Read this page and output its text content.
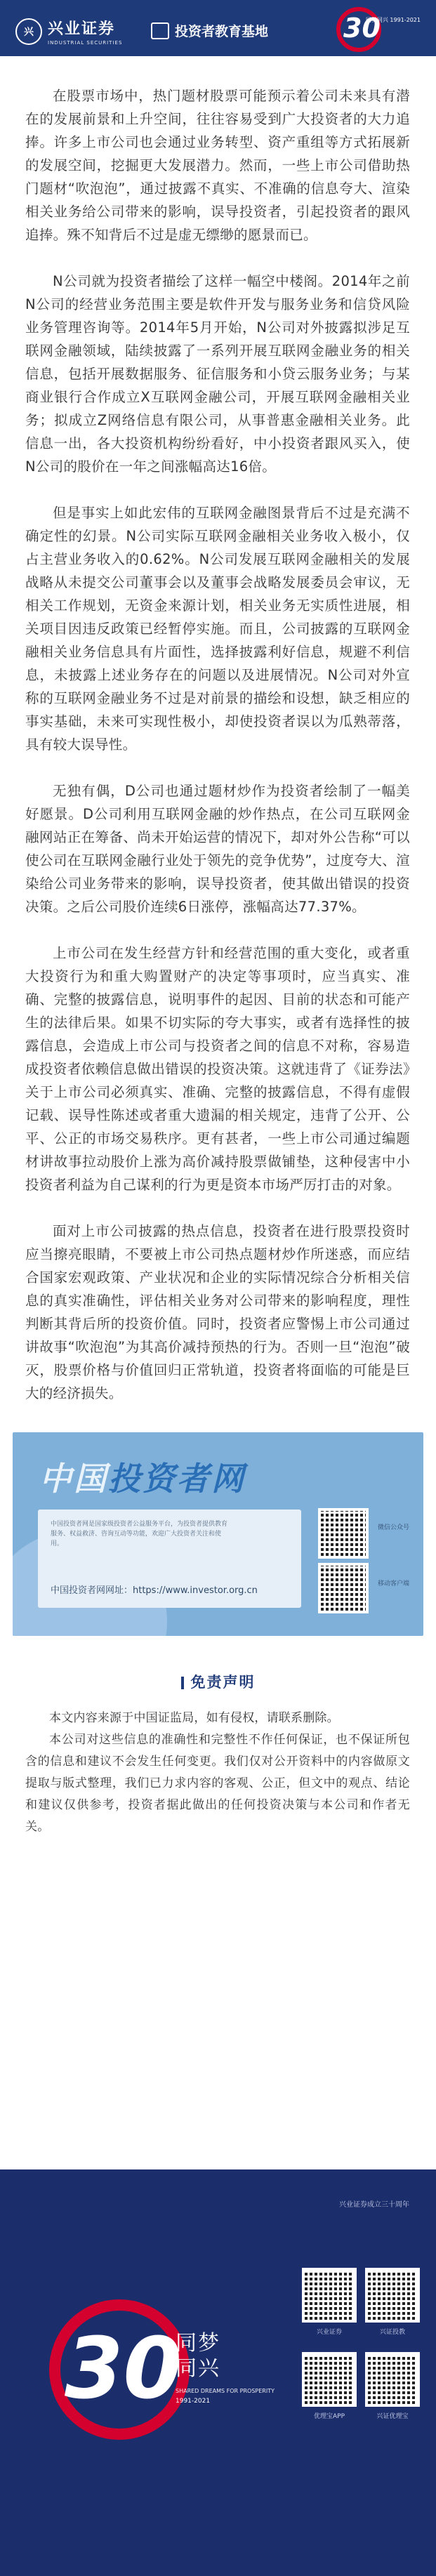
兴 兴业证券
INDUSTRIAL SECURITIES
投资者教育基地	30
同梦同兴 1991-2021

在股票市场中，热门题材股票可能预示着公司未来具有潜在的发展前景和上升空间，往往容易受到广大投资者的大力追捧。许多上市公司也会通过业务转型、资产重组等方式拓展新的发展空间，挖掘更大发展潜力。然而，一些上市公司借助热门题材“吹泡泡”，通过披露不真实、不准确的信息夸大、渲染相关业务给公司带来的影响，误导投资者，引起投资者的跟风追捧。殊不知背后不过是虚无缥缈的愿景而已。

N公司就为投资者描绘了这样一幅空中楼阁。2014年之前N公司的经营业务范围主要是软件开发与服务业务和信贷风险业务管理咨询等。2014年5月开始，N公司对外披露拟涉足互联网金融领域，陆续披露了一系列开展互联网金融业务的相关信息，包括开展数据服务、征信服务和小贷云服务业务；与某商业银行合作成立X互联网金融公司，开展互联网金融相关业务；拟成立Z网络信息有限公司，从事普惠金融相关业务。此信息一出，各大投资机构纷纷看好，中小投资者跟风买入，使N公司的股价在一年之间涨幅高达16倍。

但是事实上如此宏伟的互联网金融图景背后不过是充满不确定性的幻景。N公司实际互联网金融相关业务收入极小，仅占主营业务收入的0.62%。N公司发展互联网金融相关的发展战略从未提交公司董事会以及董事会战略发展委员会审议，无相关工作规划，无资金来源计划，相关业务无实质性进展，相关项目因违反政策已经暂停实施。而且，公司披露的互联网金融相关业务信息具有片面性，选择披露利好信息，规避不利信息，未披露上述业务存在的问题以及进展情况。N公司对外宣称的互联网金融业务不过是对前景的描绘和设想，缺乏相应的事实基础，未来可实现性极小，却使投资者误以为瓜熟蒂落，具有较大误导性。

无独有偶，D公司也通过题材炒作为投资者绘制了一幅美好愿景。D公司利用互联网金融的炒作热点，在公司互联网金融网站正在筹备、尚未开始运营的情况下，却对外公告称“可以使公司在互联网金融行业处于领先的竞争优势”，过度夸大、渲染给公司业务带来的影响，误导投资者，使其做出错误的投资决策。之后公司股价连续6日涨停，涨幅高达77.37%。

上市公司在发生经营方针和经营范围的重大变化，或者重大投资行为和重大购置财产的决定等事项时，应当真实、准确、完整的披露信息，说明事件的起因、目前的状态和可能产生的法律后果。如果不切实际的夸大事实，或者有选择性的披露信息，会造成上市公司与投资者之间的信息不对称，容易造成投资者依赖信息做出错误的投资决策。这就违背了《证券法》关于上市公司必须真实、准确、完整的披露信息，不得有虚假记载、误导性陈述或者重大遗漏的相关规定，违背了公开、公平、公正的市场交易秩序。更有甚者，一些上市公司通过编题材讲故事拉动股价上涨为高价减持股票做铺垫，这种侵害中小投资者利益为自己谋利的行为更是资本市场严厉打击的对象。

面对上市公司披露的热点信息，投资者在进行股票投资时应当擦亮眼睛，不要被上市公司热点题材炒作所迷惑，而应结合国家宏观政策、产业状况和企业的实际情况综合分析相关信息的真实准确性，评估相关业务对公司带来的影响程度，理性判断其背后所的投资价值。同时，投资者应警惕上市公司通过讲故事“吹泡泡”为其高价减持预热的行为。否则一旦“泡泡”破灭，股票价格与价值回归正常轨道，投资者将面临的可能是巨大的经济损失。

中国投资者网
中国投资者网是国家级投资者公益服务平台，为投资者提供教育服务、权益救济、咨询互动等功能，欢迎广大投资者关注和使用。
中国投资者网网址：https://www.investor.org.cn
微信公众号
移动客户端
免责声明

本文内容来源于中国证监局，如有侵权，请联系删除。

本公司对这些信息的准确性和完整性不作任何保证，也不保证所包含的信息和建议不会发生任何变更。我们仅对公开资料中的内容做原文提取与版式整理，我们已力求内容的客观、公正，但文中的观点、结论和建议仅供参考，投资者据此做出的任何投资决策与本公司和作者无关。

兴业证券成立三十周年
30
同梦
同兴
SHARED DREAMS FOR PROSPERITY
1991-2021
兴业证券	兴证投教
优理宝APP	兴证优理宝
